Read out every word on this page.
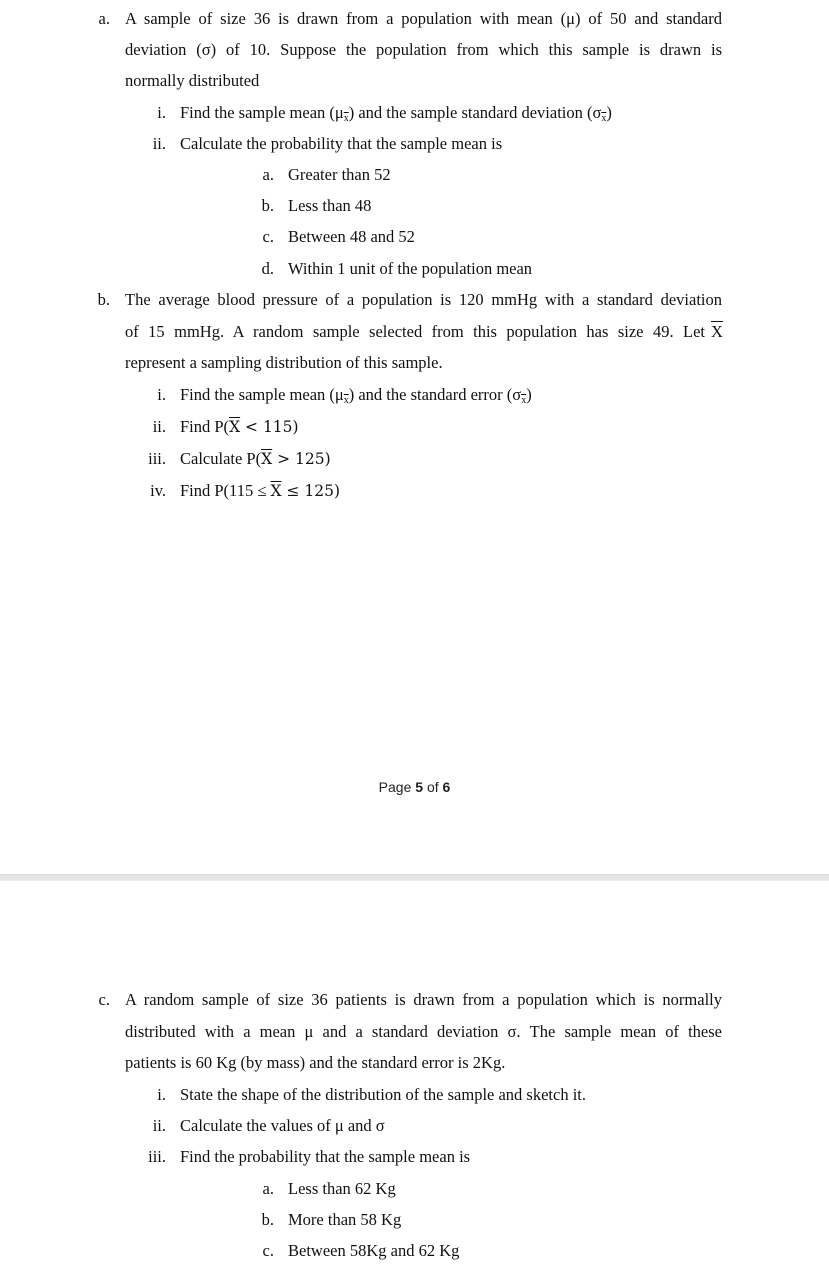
a. A sample of size 36 is drawn from a population with mean (μ) of 50 and standard
deviation (σ) of 10. Suppose the population from which this sample is drawn is
normally distributed
i. Find the sample mean $(\mu_{\overline{x}})$ and the sample standard deviation $(\sigma_{\overline{x}})$
ii. Calculate the probability that the sample mean is
a. Greater than 52
b. Less than 48
c. Between 48 and 52
d. Within 1 unit of the population mean
b. The average blood pressure of a population is 120 mmHg with a standard deviation
of 15 mmHg. A random sample selected from this population has size 49. Let $\overline{X}$
represent a sampling distribution of this sample.
i. Find the sample mean $(\mu_{\overline{x}})$ and the standard error $(\sigma_{\overline{x}})$
ii. Find $P(\overline{X} < 115)$
iii. Calculate $P(\overline{X} > 125)$
iv. Find $P(115 \le \overline{X} \le 125)$
Page 5 of 6
c. A random sample of size 36 patients is drawn from a population which is normally
distributed with a mean μ and a standard deviation σ. The sample mean of these
patients is 60 Kg (by mass) and the standard error is 2Kg.
i. State the shape of the distribution of the sample and sketch it.
ii. Calculate the values of μ and σ
iii. Find the probability that the sample mean is
a. Less than 62 Kg
b. More than 58 Kg
c. Between 58Kg and 62 Kg
